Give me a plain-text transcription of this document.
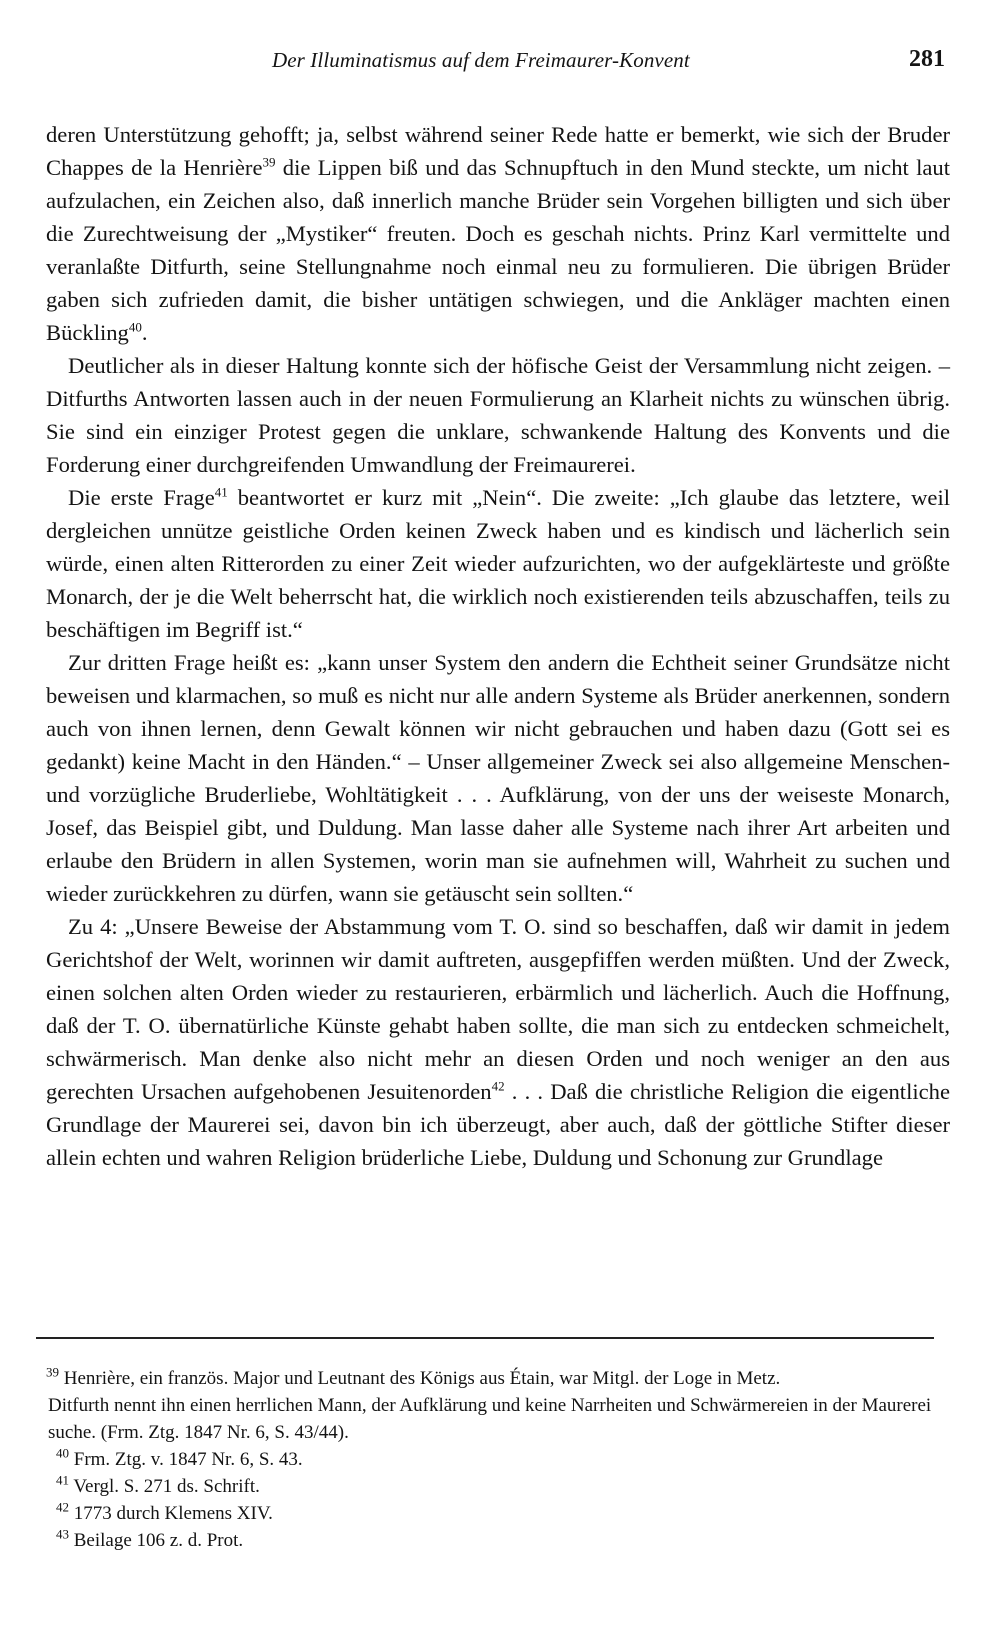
Der Illuminatismus auf dem Freimaurer-Konvent	281

deren Unterstützung gehofft; ja, selbst während seiner Rede hatte er bemerkt, wie sich der Bruder Chappes de la Henrière$^{39}$ die Lippen biß und das Schnupftuch in den Mund steckte, um nicht laut aufzulachen, ein Zeichen also, daß innerlich manche Brüder sein Vorgehen billigten und sich über die Zurechtweisung der „Mystiker“ freuten. Doch es geschah nichts. Prinz Karl vermittelte und veranlaßte Ditfurth, seine Stellungnahme noch einmal neu zu formulieren. Die übrigen Brüder gaben sich zufrieden damit, die bisher untätigen schwiegen, und die Ankläger machten einen Bückling$^{40}$.

Deutlicher als in dieser Haltung konnte sich der höfische Geist der Versammlung nicht zeigen. – Ditfurths Antworten lassen auch in der neuen Formulierung an Klarheit nichts zu wünschen übrig. Sie sind ein einziger Protest gegen die unklare, schwankende Haltung des Konvents und die Forderung einer durchgreifenden Umwandlung der Freimaurerei.

Die erste Frage$^{41}$ beantwortet er kurz mit „Nein“. Die zweite: „Ich glaube das letztere, weil dergleichen unnütze geistliche Orden keinen Zweck haben und es kindisch und lächerlich sein würde, einen alten Ritterorden zu einer Zeit wieder aufzurichten, wo der aufgeklärteste und größte Monarch, der je die Welt beherrscht hat, die wirklich noch existierenden teils abzuschaffen, teils zu beschäftigen im Begriff ist.“

Zur dritten Frage heißt es: „kann unser System den andern die Echtheit seiner Grundsätze nicht beweisen und klarmachen, so muß es nicht nur alle andern Systeme als Brüder anerkennen, sondern auch von ihnen lernen, denn Gewalt können wir nicht gebrauchen und haben dazu (Gott sei es gedankt) keine Macht in den Händen.“ – Unser allgemeiner Zweck sei also allgemeine Menschen- und vorzügliche Bruderliebe, Wohltätigkeit . . . Aufklärung, von der uns der weiseste Monarch, Josef, das Beispiel gibt, und Duldung. Man lasse daher alle Systeme nach ihrer Art arbeiten und erlaube den Brüdern in allen Systemen, worin man sie aufnehmen will, Wahrheit zu suchen und wieder zurückkehren zu dürfen, wann sie getäuscht sein sollten.“

Zu 4: „Unsere Beweise der Abstammung vom T. O. sind so beschaffen, daß wir damit in jedem Gerichtshof der Welt, worinnen wir damit auftreten, ausgepfiffen werden müßten. Und der Zweck, einen solchen alten Orden wieder zu restaurieren, erbärmlich und lächerlich. Auch die Hoffnung, daß der T. O. übernatürliche Künste gehabt haben sollte, die man sich zu entdecken schmeichelt, schwärmerisch. Man denke also nicht mehr an diesen Orden und noch weniger an den aus gerechten Ursachen aufgehobenen Jesuitenorden$^{42}$ . . . Daß die christliche Religion die eigentliche Grundlage der Maurerei sei, davon bin ich überzeugt, aber auch, daß der göttliche Stifter dieser allein echten und wahren Religion brüderliche Liebe, Duldung und Schonung zur Grundlage

$^{39}$ Henrière, ein französ. Major und Leutnant des Königs aus Étain, war Mitgl. der Loge in Metz.

Ditfurth nennt ihn einen herrlichen Mann, der Aufklärung und keine Narrheiten und Schwärmereien in der Maurerei suche. (Frm. Ztg. 1847 Nr. 6, S. 43/44).

$^{40}$ Frm. Ztg. v. 1847 Nr. 6, S. 43.

$^{41}$ Vergl. S. 271 ds. Schrift.

$^{42}$ 1773 durch Klemens XIV.

$^{43}$ Beilage 106 z. d. Prot.
